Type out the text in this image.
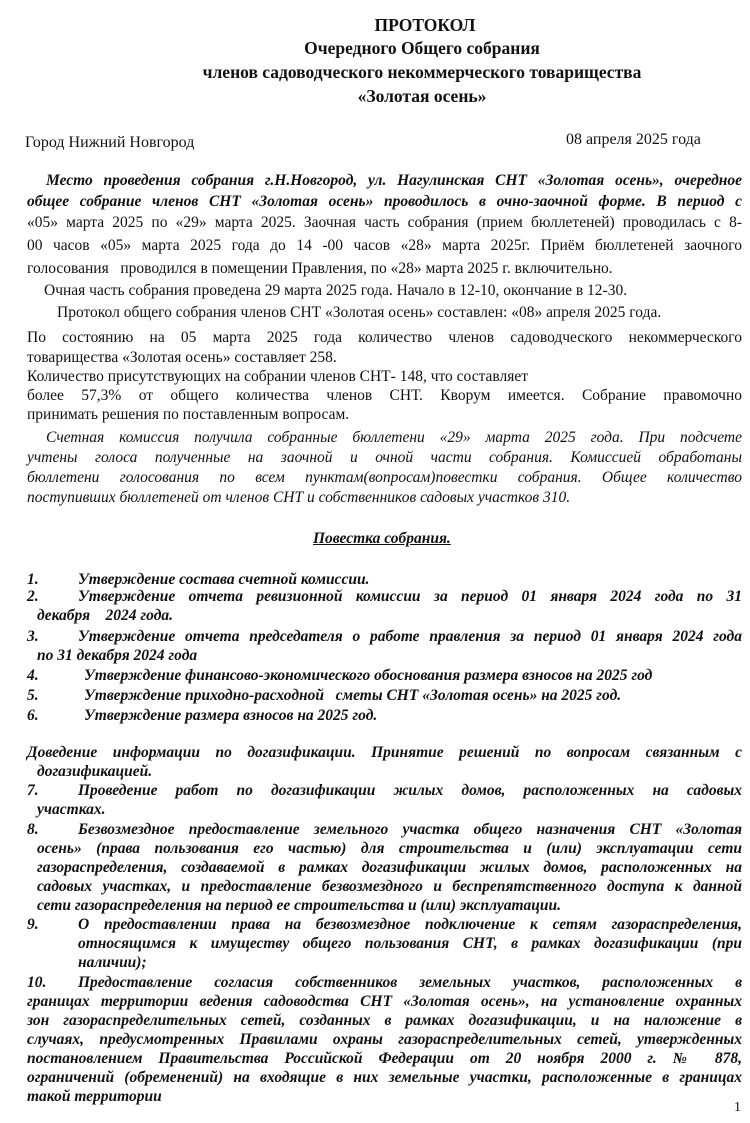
ПРОТОКОЛ
Очередного Общего собрания
членов садоводческого некоммерческого товарищества
«Золотая осень»
Город Нижний Новгород	08 апреля 2025 года
Место проведения собрания г.Н.Новгород, ул. Нагулинская СНТ «Золотая осень», очередное
общее собрание членов СНТ «Золотая осень» проводилось в очно-заочной форме. В период с
«05» марта 2025 по «29» марта 2025. Заочная часть собрания (прием бюллетеней) проводилась с 8-
00 часов «05» марта 2025 года до 14 -00 часов «28» марта 2025г. Приём бюллетеней заочного
голосования   проводился в помещении Правления, по «28» марта 2025 г. включительно.
Очная часть собрания проведена 29 марта 2025 года. Начало в 12-10, окончание в 12-30.
Протокол общего собрания членов СНТ «Золотая осень» составлен: «08» апреля 2025 года.
По состоянию на 05 марта 2025 года количество членов садоводческого некоммерческого
товарищества «Золотая осень» составляет 258.
Количество присутствующих на собрании членов СНТ- 148, что составляет
более 57,3% от общего количества членов СНТ. Кворум имеется. Собрание правомочно
принимать решения по поставленным вопросам.
Счетная комиссия получила собранные бюллетени «29» марта 2025 года. При подсчете
учтены голоса полученные на заочной и очной части собрания. Комиссией обработаны
бюллетени голосования по всем пунктам(вопросам)повестки собрания. Общее количество
поступивших бюллетеней от членов СНТ и собственников садовых участков 310.
Повестка собрания.
1.	Утверждение состава счетной комиссии.
2.	Утверждение отчета ревизионной комиссии за период 01 января 2024 года по 31
декабря    2024 года.
3.	Утверждение отчета председателя о работе правления за период 01 января 2024 года
по 31 декабря 2024 года
4.	Утверждение финансово-экономического обоснования размера взносов на 2025 год
5.	Утверждение приходно-расходной   сметы СНТ «Золотая осень» на 2025 год.
6.	Утверждение размера взносов на 2025 год.
Доведение информации по догазификации. Принятие решений по вопросам связанным с
догазификацией.
7.	Проведение работ по догазификации жилых домов, расположенных на садовых
участках.
8.	Безвозмездное предоставление земельного участка общего назначения СНТ «Золотая
осень» (права пользования его частью) для строительства и (или) эксплуатации сети
газораспределения, создаваемой в рамках догазификации жилых домов, расположенных на
садовых участках, и предоставление безвозмездного и беспрепятственного доступа к данной
сети газораспределения на период ее строительства и (или) эксплуатации.
9.	О предоставлении права на безвозмездное подключение к сетям газораспределения,
относящимся к имуществу общего пользования СНТ, в рамках догазификации (при
наличии);
10. Предоставление согласия собственников земельных участков, расположенных в
границах территории ведения садоводства СНТ «Золотая осень», на установление охранных
зон газораспределительных сетей, созданных в рамках догазификации, и на наложение в
случаях, предусмотренных Правилами охраны газораспределительных сетей, утвержденных
постановлением Правительства Российской Федерации от 20 ноября 2000 г. № 878,
ограничений (обременений) на входящие в них земельные участки, расположенные в границах
такой территории
1
